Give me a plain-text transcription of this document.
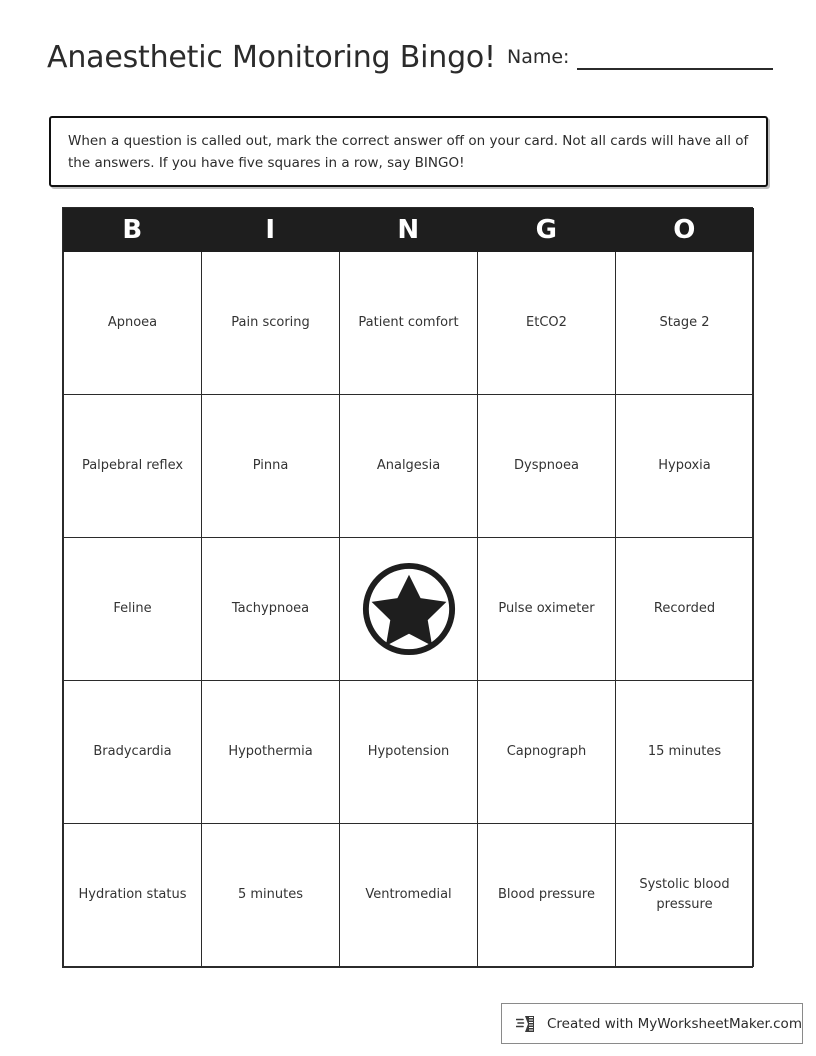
Anaesthetic Monitoring Bingo! Name:
When a question is called out, mark the correct answer off on your card. Not all cards will have all of the answers. If you have five squares in a row, say BINGO!
B	I	N	G	O

Apnoea	Pain scoring	Patient comfort	EtCO2	Stage 2

Palpebral reflex	Pinna	Analgesia	Dyspnoea	Hypoxia

Feline	Tachypnoea		Pulse oximeter	Recorded

Bradycardia	Hypothermia	Hypotension	Capnograph	15 minutes

Hydration status	5 minutes	Ventromedial	Blood pressure	Systolic blood pressure
Created with MyWorksheetMaker.com
